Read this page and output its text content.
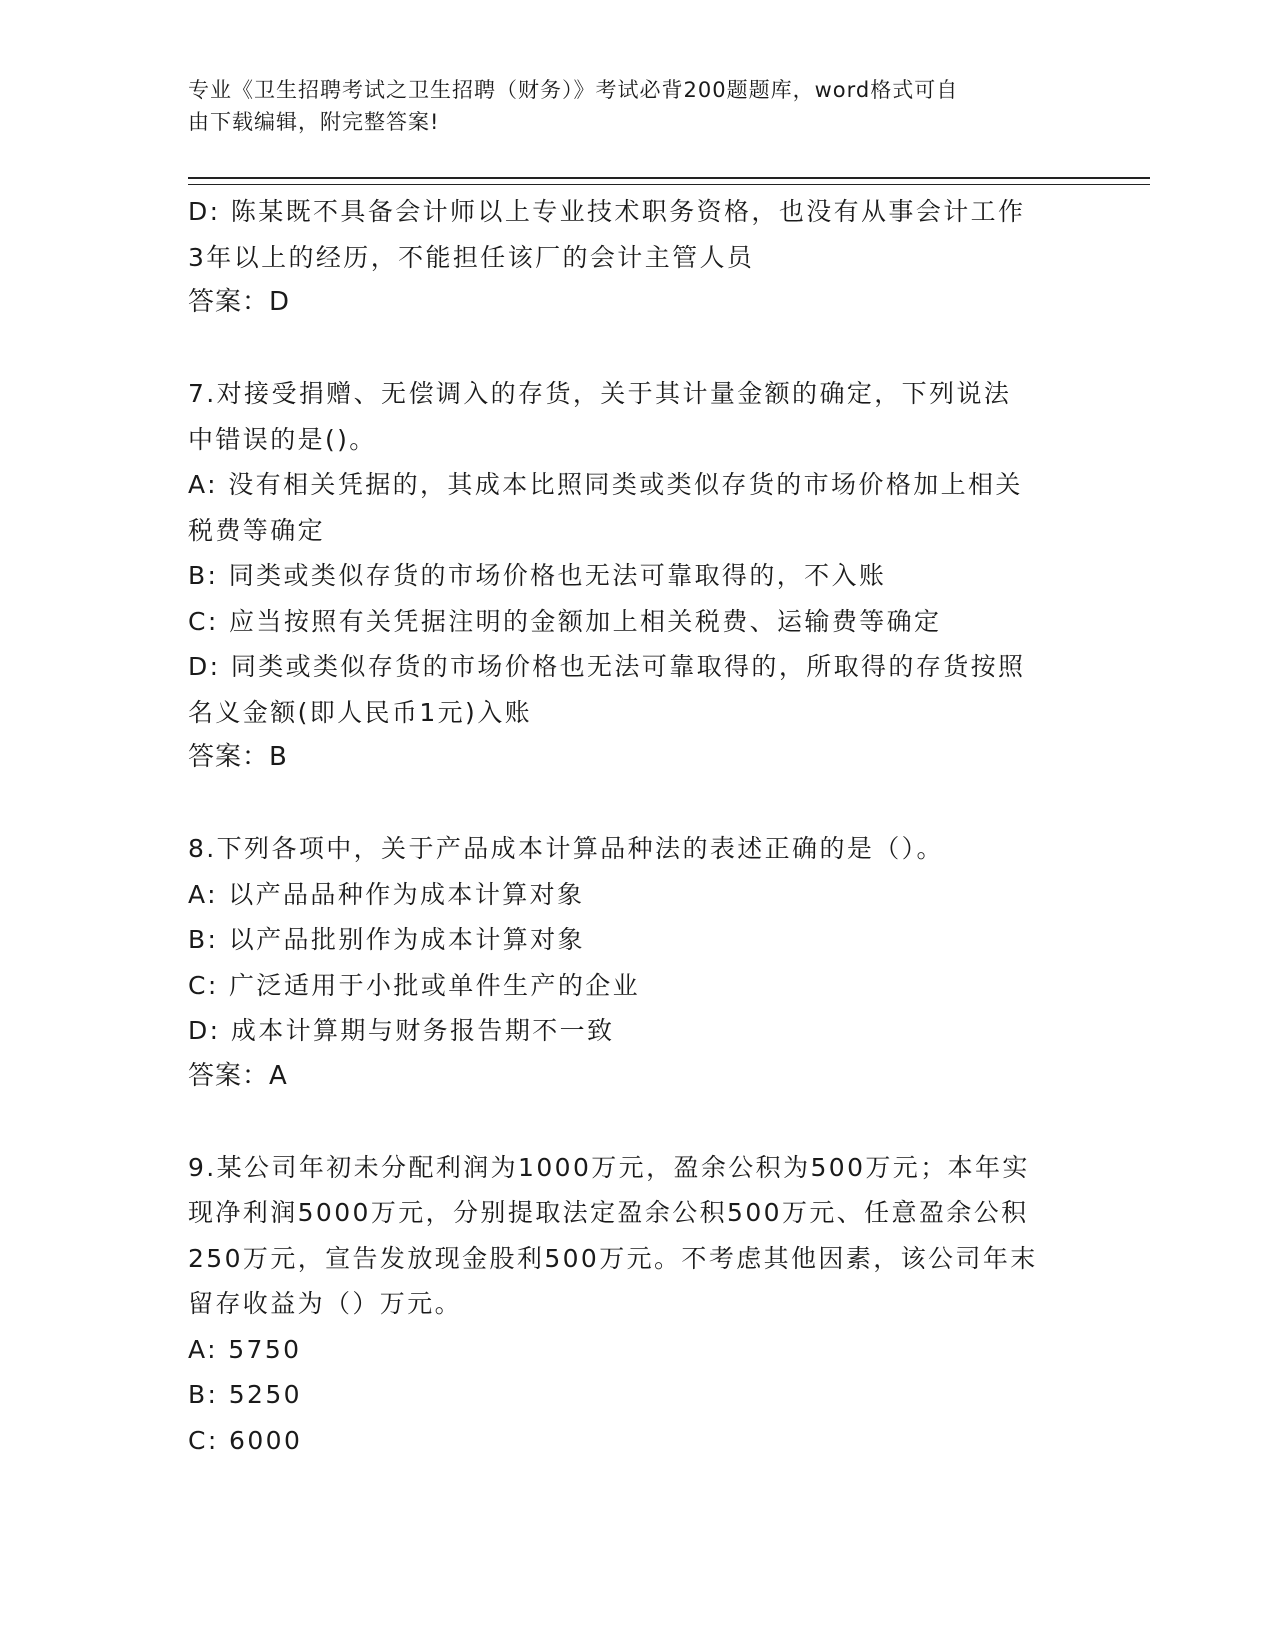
专业《卫生招聘考试之卫生招聘（财务）》考试必背200题题库，word格式可自
由下载编辑，附完整答案!
D: 陈某既不具备会计师以上专业技术职务资格，也没有从事会计工作
3年以上的经历，不能担任该厂的会计主管人员
答案：D
7.对接受捐赠、无偿调入的存货，关于其计量金额的确定，下列说法
中错误的是()。
A: 没有相关凭据的，其成本比照同类或类似存货的市场价格加上相关
税费等确定
B: 同类或类似存货的市场价格也无法可靠取得的，不入账
C: 应当按照有关凭据注明的金额加上相关税费、运输费等确定
D: 同类或类似存货的市场价格也无法可靠取得的，所取得的存货按照
名义金额(即人民币1元)入账
答案：B
8.下列各项中，关于产品成本计算品种法的表述正确的是（）。
A: 以产品品种作为成本计算对象
B: 以产品批别作为成本计算对象
C: 广泛适用于小批或单件生产的企业
D: 成本计算期与财务报告期不一致
答案：A
9.某公司年初未分配利润为1000万元，盈余公积为500万元；本年实
现净利润5000万元，分别提取法定盈余公积500万元、任意盈余公积
250万元，宣告发放现金股利500万元。不考虑其他因素，该公司年末
留存收益为（）万元。
A: 5750
B: 5250
C: 6000
